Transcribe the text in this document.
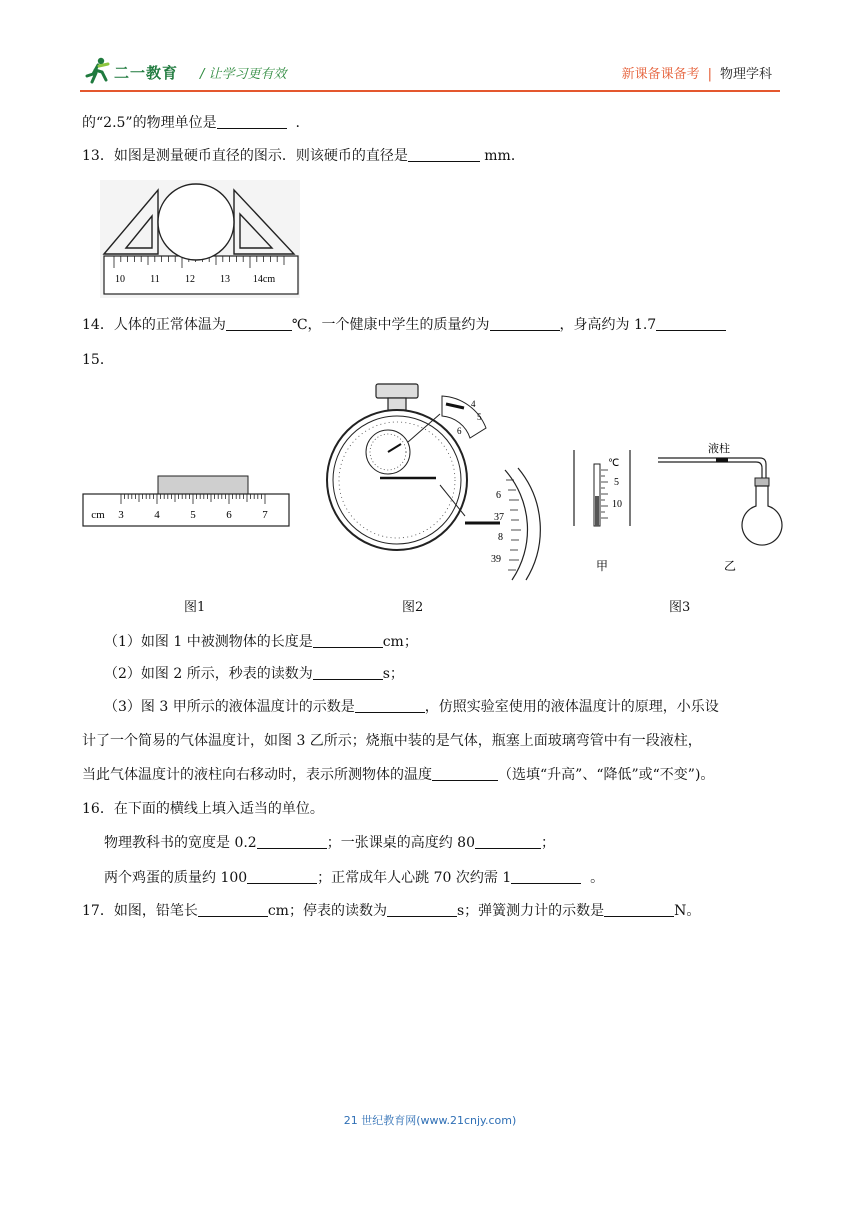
二一教育 / 让学习更有效	新课备课备考 | 物理学科
的“2.5”的物理单位是	.
13．如图是测量硬币直径的图示．则该硬币的直径是	mm．
10	11	12	13 14cm
14．人体的正常体温为	℃，一个健康中学生的质量约为	，身高约为 1.7
15．
cm 3	4	5	6	7
4
5
6
6
37
8
39
℃
5
10
甲
液柱
乙
图1	图2	图3
（1）如图 1 中被测物体的长度是	cm；
（2）如图 2 所示，秒表的读数为	s；
（3）图 3 甲所示的液体温度计的示数是	，仿照实验室使用的液体温度计的原理，小乐设
计了一个简易的气体温度计，如图 3 乙所示；烧瓶中装的是气体，瓶塞上面玻璃弯管中有一段液柱，
当此气体温度计的液柱向右移动时，表示所测物体的温度	（选填“升高”、“降低”或“不变”)。
16．在下面的横线上填入适当的单位。
物理教科书的宽度是 0.2	；一张课桌的高度约 80	；
两个鸡蛋的质量约 100	；正常成年人心跳 70 次约需 1	。
17．如图，铅笔长	cm；停表的读数为	s；弹簧测力计的示数是	N。
21 世纪教育网(www.21cnjy.com)
